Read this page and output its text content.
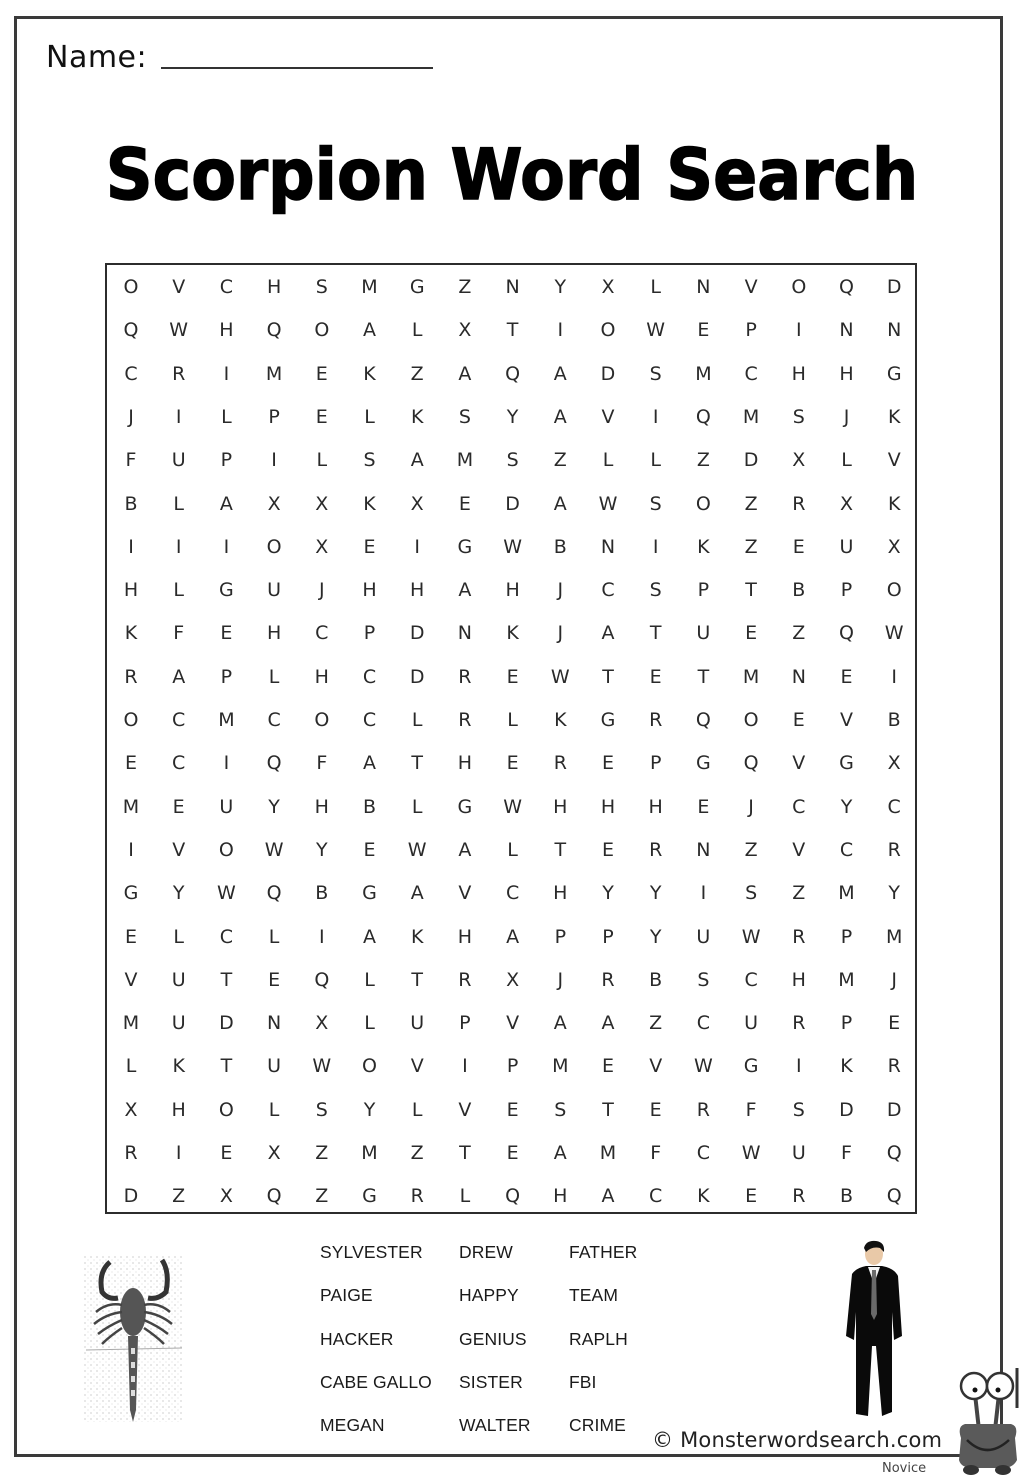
Name:
Scorpion Word Search
O	V	C	H	S	M	G	Z	N	Y	X	L	N	V	O	Q	D
Q	W	H	Q	O	A	L	X	T	I	O	W	E	P	I	N	N
C	R	I	M	E	K	Z	A	Q	A	D	S	M	C	H	H	G
J	I	L	P	E	L	K	S	Y	A	V	I	Q	M	S	J	K
F	U	P	I	L	S	A	M	S	Z	L	L	Z	D	X	L	V
B	L	A	X	X	K	X	E	D	A	W	S	O	Z	R	X	K
I	I	I	O	X	E	I	G	W	B	N	I	K	Z	E	U	X
H	L	G	U	J	H	H	A	H	J	C	S	P	T	B	P	O
K	F	E	H	C	P	D	N	K	J	A	T	U	E	Z	Q	W
R	A	P	L	H	C	D	R	E	W	T	E	T	M	N	E	I
O	C	M	C	O	C	L	R	L	K	G	R	Q	O	E	V	B
E	C	I	Q	F	A	T	H	E	R	E	P	G	Q	V	G	X
M	E	U	Y	H	B	L	G	W	H	H	H	E	J	C	Y	C
I	V	O	W	Y	E	W	A	L	T	E	R	N	Z	V	C	R
G	Y	W	Q	B	G	A	V	C	H	Y	Y	I	S	Z	M	Y
E	L	C	L	I	A	K	H	A	P	P	Y	U	W	R	P	M
V	U	T	E	Q	L	T	R	X	J	R	B	S	C	H	M	J
M	U	D	N	X	L	U	P	V	A	A	Z	C	U	R	P	E
L	K	T	U	W	O	V	I	P	M	E	V	W	G	I	K	R
X	H	O	L	S	Y	L	V	E	S	T	E	R	F	S	D	D
R	I	E	X	Z	M	Z	T	E	A	M	F	C	W	U	F	Q
D	Z	X	Q	Z	G	R	L	Q	H	A	C	K	E	R	B	Q
SYLVESTER
PAIGE
HACKER
CABE GALLO
MEGAN
DREW
HAPPY
GENIUS
SISTER
WALTER
FATHER
TEAM
RAPLH
FBI
CRIME
© Monsterwordsearch.com
Novice
